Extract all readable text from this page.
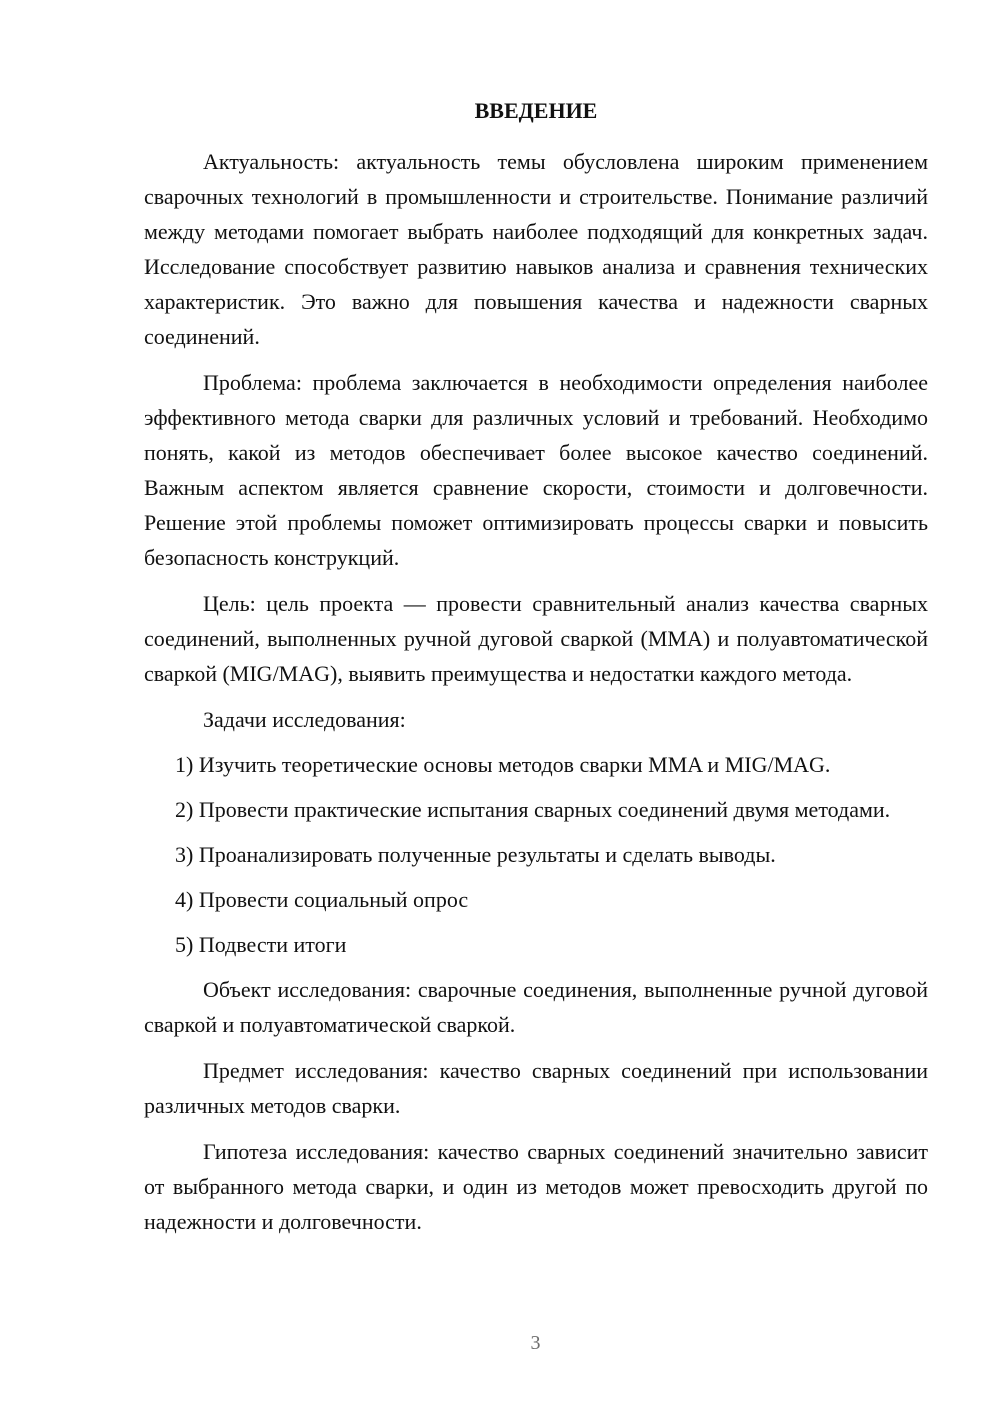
ВВЕДЕНИЕ

Актуальность: актуальность темы обусловлена широким применением сварочных технологий в промышленности и строительстве. Понимание различий между методами помогает выбрать наиболее подходящий для конкретных задач. Исследование способствует развитию навыков анализа и сравнения технических характеристик. Это важно для повышения качества и надежности сварных соединений.

Проблема: проблема заключается в необходимости определения наиболее эффективного метода сварки для различных условий и требований. Необходимо понять, какой из методов обеспечивает более высокое качество соединений. Важным аспектом является сравнение скорости, стоимости и долговечности. Решение этой проблемы поможет оптимизировать процессы сварки и повысить безопасность конструкций.

Цель: цель проекта — провести сравнительный анализ качества сварных соединений, выполненных ручной дуговой сваркой (MMA) и полуавтоматической сваркой (MIG/MAG), выявить преимущества и недостатки каждого метода.

Задачи исследования:

1) Изучить теоретические основы методов сварки MMA и MIG/MAG.

2) Провести практические испытания сварных соединений двумя методами.

3) Проанализировать полученные результаты и сделать выводы.

4) Провести социальный опрос

5) Подвести итоги

Объект исследования: сварочные соединения, выполненные ручной дуговой сваркой и полуавтоматической сваркой.

Предмет исследования: качество сварных соединений при использовании различных методов сварки.

Гипотеза исследования: качество сварных соединений значительно зависит от выбранного метода сварки, и один из методов может превосходить другой по надежности и долговечности.

3
